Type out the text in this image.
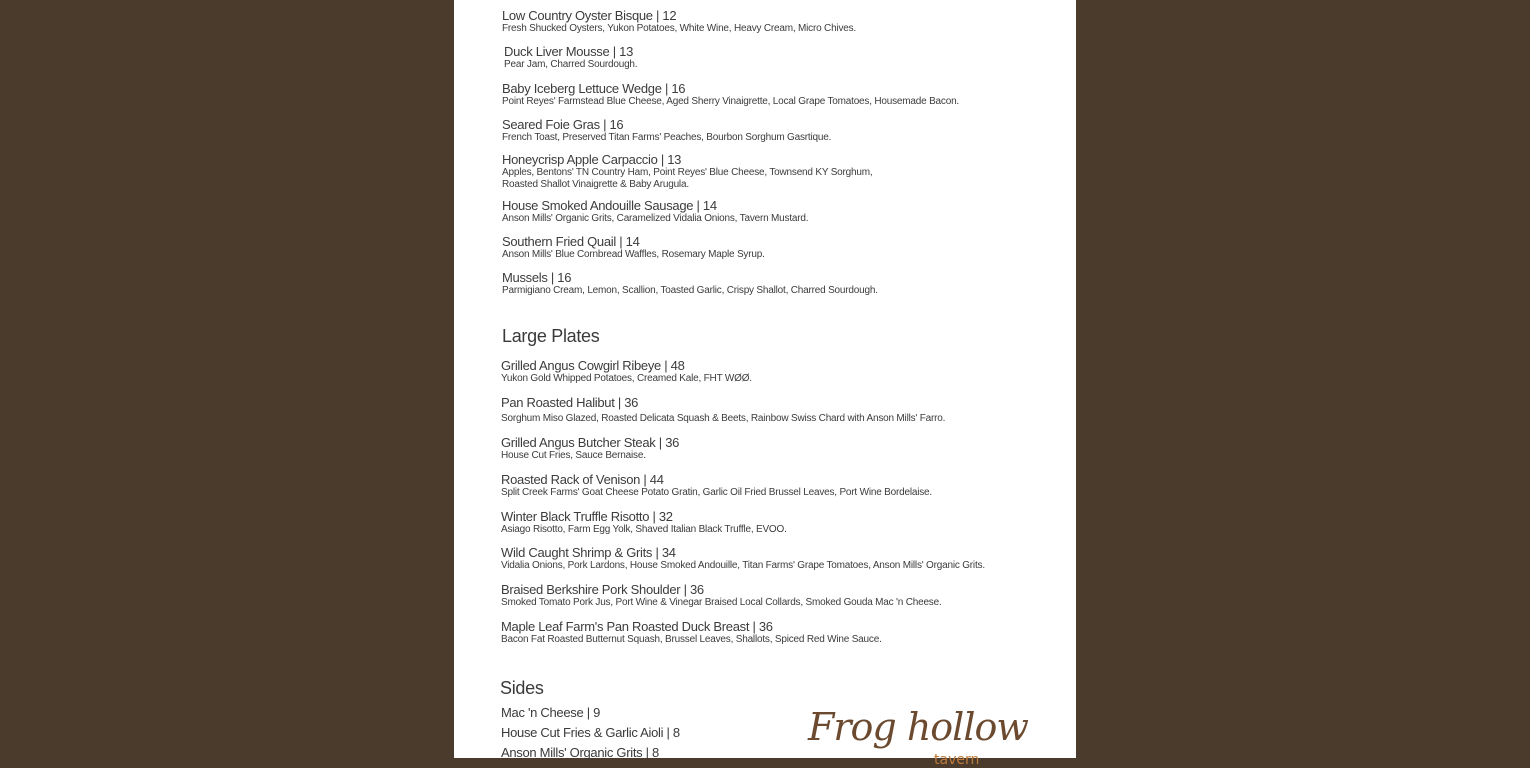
Low Country Oyster Bisque | 12
Fresh Shucked Oysters, Yukon Potatoes, White Wine, Heavy Cream, Micro Chives.
Duck Liver Mousse | 13
Pear Jam, Charred Sourdough.
Baby Iceberg Lettuce Wedge | 16
Point Reyes' Farmstead Blue Cheese, Aged Sherry Vinaigrette, Local Grape Tomatoes, Housemade Bacon.
Seared Foie Gras | 16
French Toast, Preserved Titan Farms' Peaches, Bourbon Sorghum Gasrtique.
Honeycrisp Apple Carpaccio | 13
Apples, Bentons' TN Country Ham, Point Reyes' Blue Cheese, Townsend KY Sorghum,
Roasted Shallot Vinaigrette & Baby Arugula.
House Smoked Andouille Sausage | 14
Anson Mills' Organic Grits, Caramelized Vidalia Onions, Tavern Mustard.
Southern Fried Quail | 14
Anson Mills' Blue Cornbread Waffles, Rosemary Maple Syrup.
Mussels | 16
Parmigiano Cream, Lemon, Scallion, Toasted Garlic, Crispy Shallot, Charred Sourdough.
Large Plates
Grilled Angus Cowgirl Ribeye | 48
Yukon Gold Whipped Potatoes, Creamed Kale, FHT WØØ.
Pan Roasted Halibut | 36
Sorghum Miso Glazed, Roasted Delicata Squash & Beets, Rainbow Swiss Chard with Anson Mills' Farro.
Grilled Angus Butcher Steak | 36
House Cut Fries, Sauce Bernaise.
Roasted Rack of Venison | 44
Split Creek Farms' Goat Cheese Potato Gratin, Garlic Oil Fried Brussel Leaves, Port Wine Bordelaise.
Winter Black Truffle Risotto | 32
Asiago Risotto, Farm Egg Yolk, Shaved Italian Black Truffle, EVOO.
Wild Caught Shrimp & Grits | 34
Vidalia Onions, Pork Lardons, House Smoked Andouille, Titan Farms' Grape Tomatoes, Anson Mills' Organic Grits.
Braised Berkshire Pork Shoulder | 36
Smoked Tomato Pork Jus, Port Wine & Vinegar Braised Local Collards, Smoked Gouda Mac 'n Cheese.
Maple Leaf Farm's Pan Roasted Duck Breast | 36
Bacon Fat Roasted Butternut Squash, Brussel Leaves, Shallots, Spiced Red Wine Sauce.
Sides
Mac 'n Cheese | 9
House Cut Fries & Garlic Aioli | 8
Anson Mills' Organic Grits | 8
Frog hollow
tavern
